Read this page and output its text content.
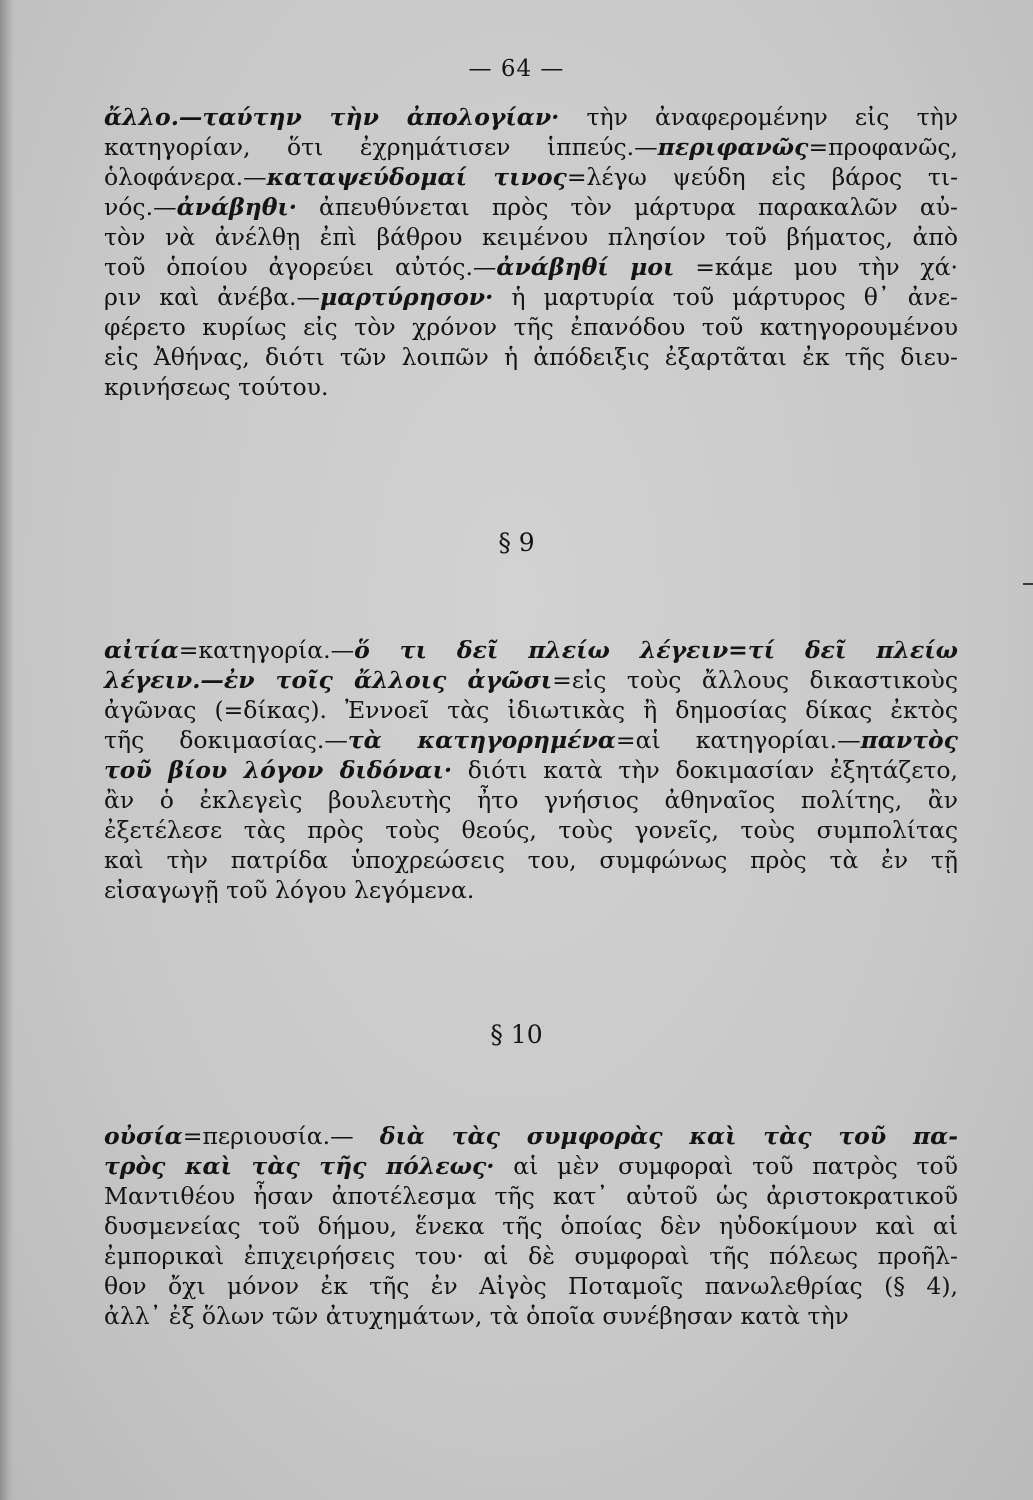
— 64 —
ἄλλο.—ταύτην τὴν ἀπολογίαν· τὴν ἀναφερομένην εἰς τὴν
κατηγορίαν, ὅτι ἐχρημάτισεν ἱππεύς.—περιφανῶς=προφανῶς,
ὁλοφάνερα.—καταψεύδομαί τινος=λέγω ψεύδη εἰς βάρος τι-
νός.—ἀνάβηθι· ἀπευθύνεται πρὸς τὸν μάρτυρα παρακαλῶν αὐ-
τὸν νὰ ἀνέλθῃ ἐπὶ βάθρου κειμένου πλησίον τοῦ βήματος, ἀπὸ
τοῦ ὁποίου ἀγορεύει αὐτός.—ἀνάβηθί μοι =κάμε μου τὴν χά·
ριν καὶ ἀνέβα.—μαρτύρησον· ἡ μαρτυρία τοῦ μάρτυρος θ᾿ ἀνε-
φέρετο κυρίως εἰς τὸν χρόνον τῆς ἐπανόδου τοῦ κατηγορουμένου
εἰς Ἀθήνας, διότι τῶν λοιπῶν ἡ ἀπόδειξις ἐξαρτᾶται ἐκ τῆς διευ-
κρινήσεως τούτου.
§ 9
αἰτία=κατηγορία.—ὅ τι δεῖ πλείω λέγειν=τί δεῖ πλείω
λέγειν.—ἐν τοῖς ἄλλοις ἀγῶσι=εἰς τοὺς ἄλλους δικαστικοὺς
ἀγῶνας (=δίκας). Ἐννοεῖ τὰς ἰδιωτικὰς ἢ δημοσίας δίκας ἐκτὸς
τῆς δοκιμασίας.—τὰ κατηγορημένα=αἱ κατηγορίαι.—παντὸς
τοῦ βίου λόγον διδόναι· διότι κατὰ τὴν δοκιμασίαν ἐξητάζετο,
ἂν ὁ ἐκλεγεὶς βουλευτὴς ἦτο γνήσιος ἀθηναῖος πολίτης, ἂν
ἐξετέλεσε τὰς πρὸς τοὺς θεούς, τοὺς γονεῖς, τοὺς συμπολίτας
καὶ τὴν πατρίδα ὑποχρεώσεις του, συμφώνως πρὸς τὰ ἐν τῇ
εἰσαγωγῇ τοῦ λόγου λεγόμενα.
§ 10
οὐσία=περιουσία.— διὰ τὰς συμφορὰς καὶ τὰς τοῦ πα-
τρὸς καὶ τὰς τῆς πόλεως· αἱ μὲν συμφοραὶ τοῦ πατρὸς τοῦ
Μαντιθέου ἦσαν ἀποτέλεσμα τῆς κατ᾿ αὐτοῦ ὡς ἀριστοκρατικοῦ
δυσμενείας τοῦ δήμου, ἕνεκα τῆς ὁποίας δὲν ηὐδοκίμουν καὶ αἱ
ἐμπορικαὶ ἐπιχειρήσεις του· αἱ δὲ συμφοραὶ τῆς πόλεως προῆλ-
θον ὄχι μόνον ἐκ τῆς ἐν Αἰγὸς Ποταμοῖς πανωλεθρίας (§ 4),
ἀλλ᾿ ἐξ ὅλων τῶν ἀτυχημάτων, τὰ ὁποῖα συνέβησαν κατὰ τὴν
